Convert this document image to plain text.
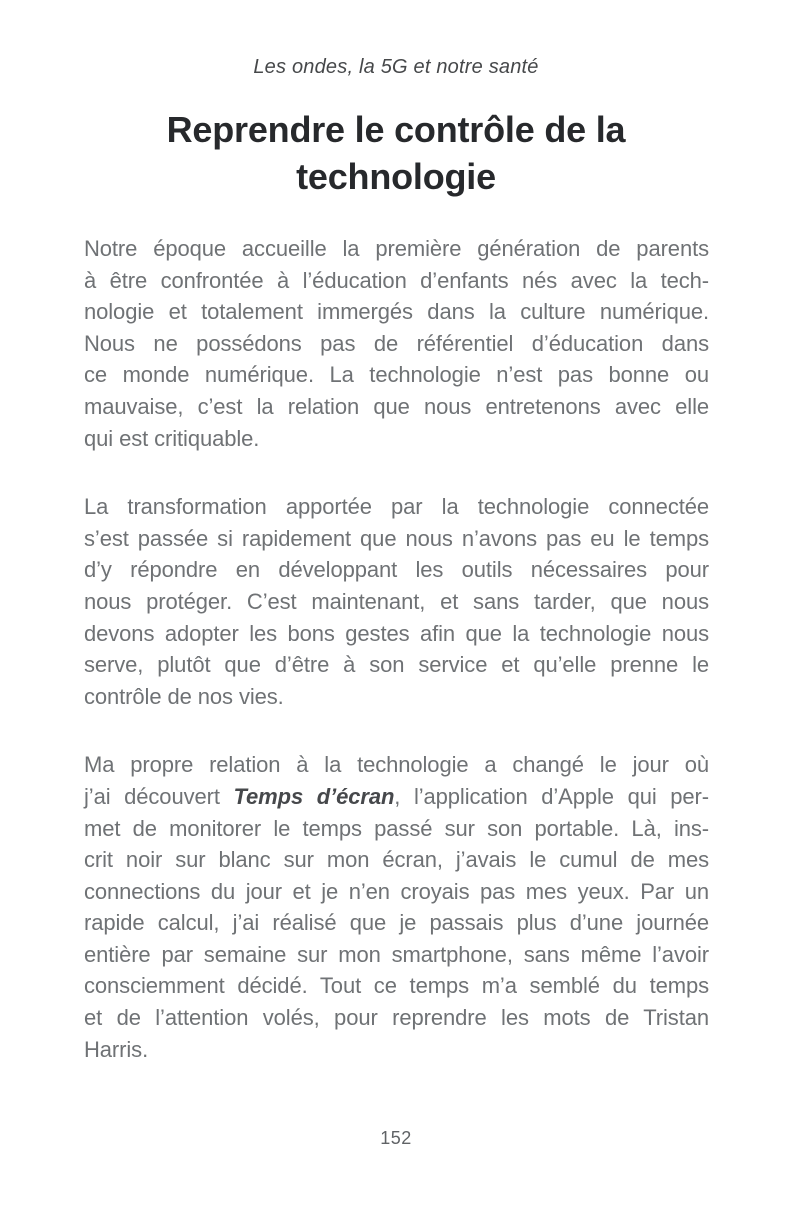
Les ondes, la 5G et notre santé
Reprendre le contrôle de la
technologie
Notre époque accueille la première génération de parents
à être confrontée à l’éducation d’enfants nés avec la tech-
nologie et totalement immergés dans la culture numérique.
Nous ne possédons pas de référentiel d’éducation dans
ce monde numérique. La technologie n’est pas bonne ou
mauvaise, c’est la relation que nous entretenons avec elle
qui est critiquable.
La transformation apportée par la technologie connectée
s’est passée si rapidement que nous n’avons pas eu le temps
d’y répondre en développant les outils nécessaires pour
nous protéger. C’est maintenant, et sans tarder, que nous
devons adopter les bons gestes afin que la technologie nous
serve, plutôt que d’être à son service et qu’elle prenne le
contrôle de nos vies.
Ma propre relation à la technologie a changé le jour où
j’ai découvert Temps d’écran, l’application d’Apple qui per-
met de monitorer le temps passé sur son portable. Là, ins-
crit noir sur blanc sur mon écran, j’avais le cumul de mes
connections du jour et je n’en croyais pas mes yeux. Par un
rapide calcul, j’ai réalisé que je passais plus d’une journée
entière par semaine sur mon smartphone, sans même l’avoir
consciemment décidé. Tout ce temps m’a semblé du temps
et de l’attention volés, pour reprendre les mots de Tristan
Harris.
152
